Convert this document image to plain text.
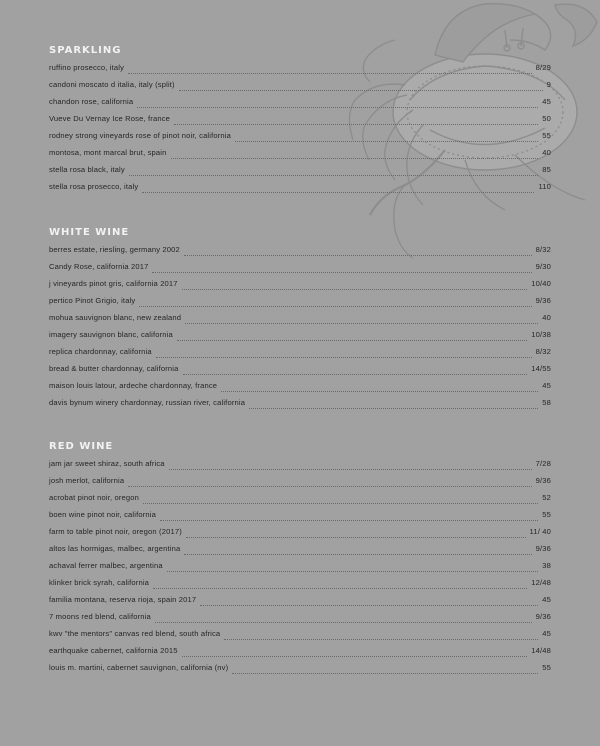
SPARKLING
ruffino prosecco, italy	8/29
candoni moscato d italia, italy (split)	9
chandon rose, california	45
Vueve Du Vernay Ice Rose, france	50
rodney strong vineyards rose of pinot noir, california	55
montosa, mont marcal brut, spain	40
stella rosa black, italy	85
stella rosa prosecco, italy	110
WHITE WINE
berres estate, riesling, germany 2002	8/32
Candy Rose, california 2017	9/30
j vineyards pinot gris, california 2017	10/40
pertico Pinot Grigio, italy	9/36
mohua sauvignon blanc, new zealand	40
imagery sauvignon blanc, california	10/38
replica chardonnay, california	8/32
bread & butter chardonnay, california	14/55
maison louis latour, ardeche chardonnay, france	45
davis bynum winery chardonnay, russian river, california	58
RED WINE
jam jar sweet shiraz, south africa	7/28
josh merlot, california	9/36
acrobat pinot noir, oregon	52
boen wine pinot noir, california	55
farm to table pinot noir, oregon (2017)	11/ 40
altos las hormigas, malbec, argentina	9/36
achaval ferrer malbec, argentina	38
klinker brick syrah, california	12/48
familia montana, reserva rioja, spain 2017	45
7 moons red blend, california	9/36
kwv "the mentors" canvas red blend, south africa	45
earthquake cabernet, california 2015	14/48
louis m. martini, cabernet sauvignon, california (nv)	55
